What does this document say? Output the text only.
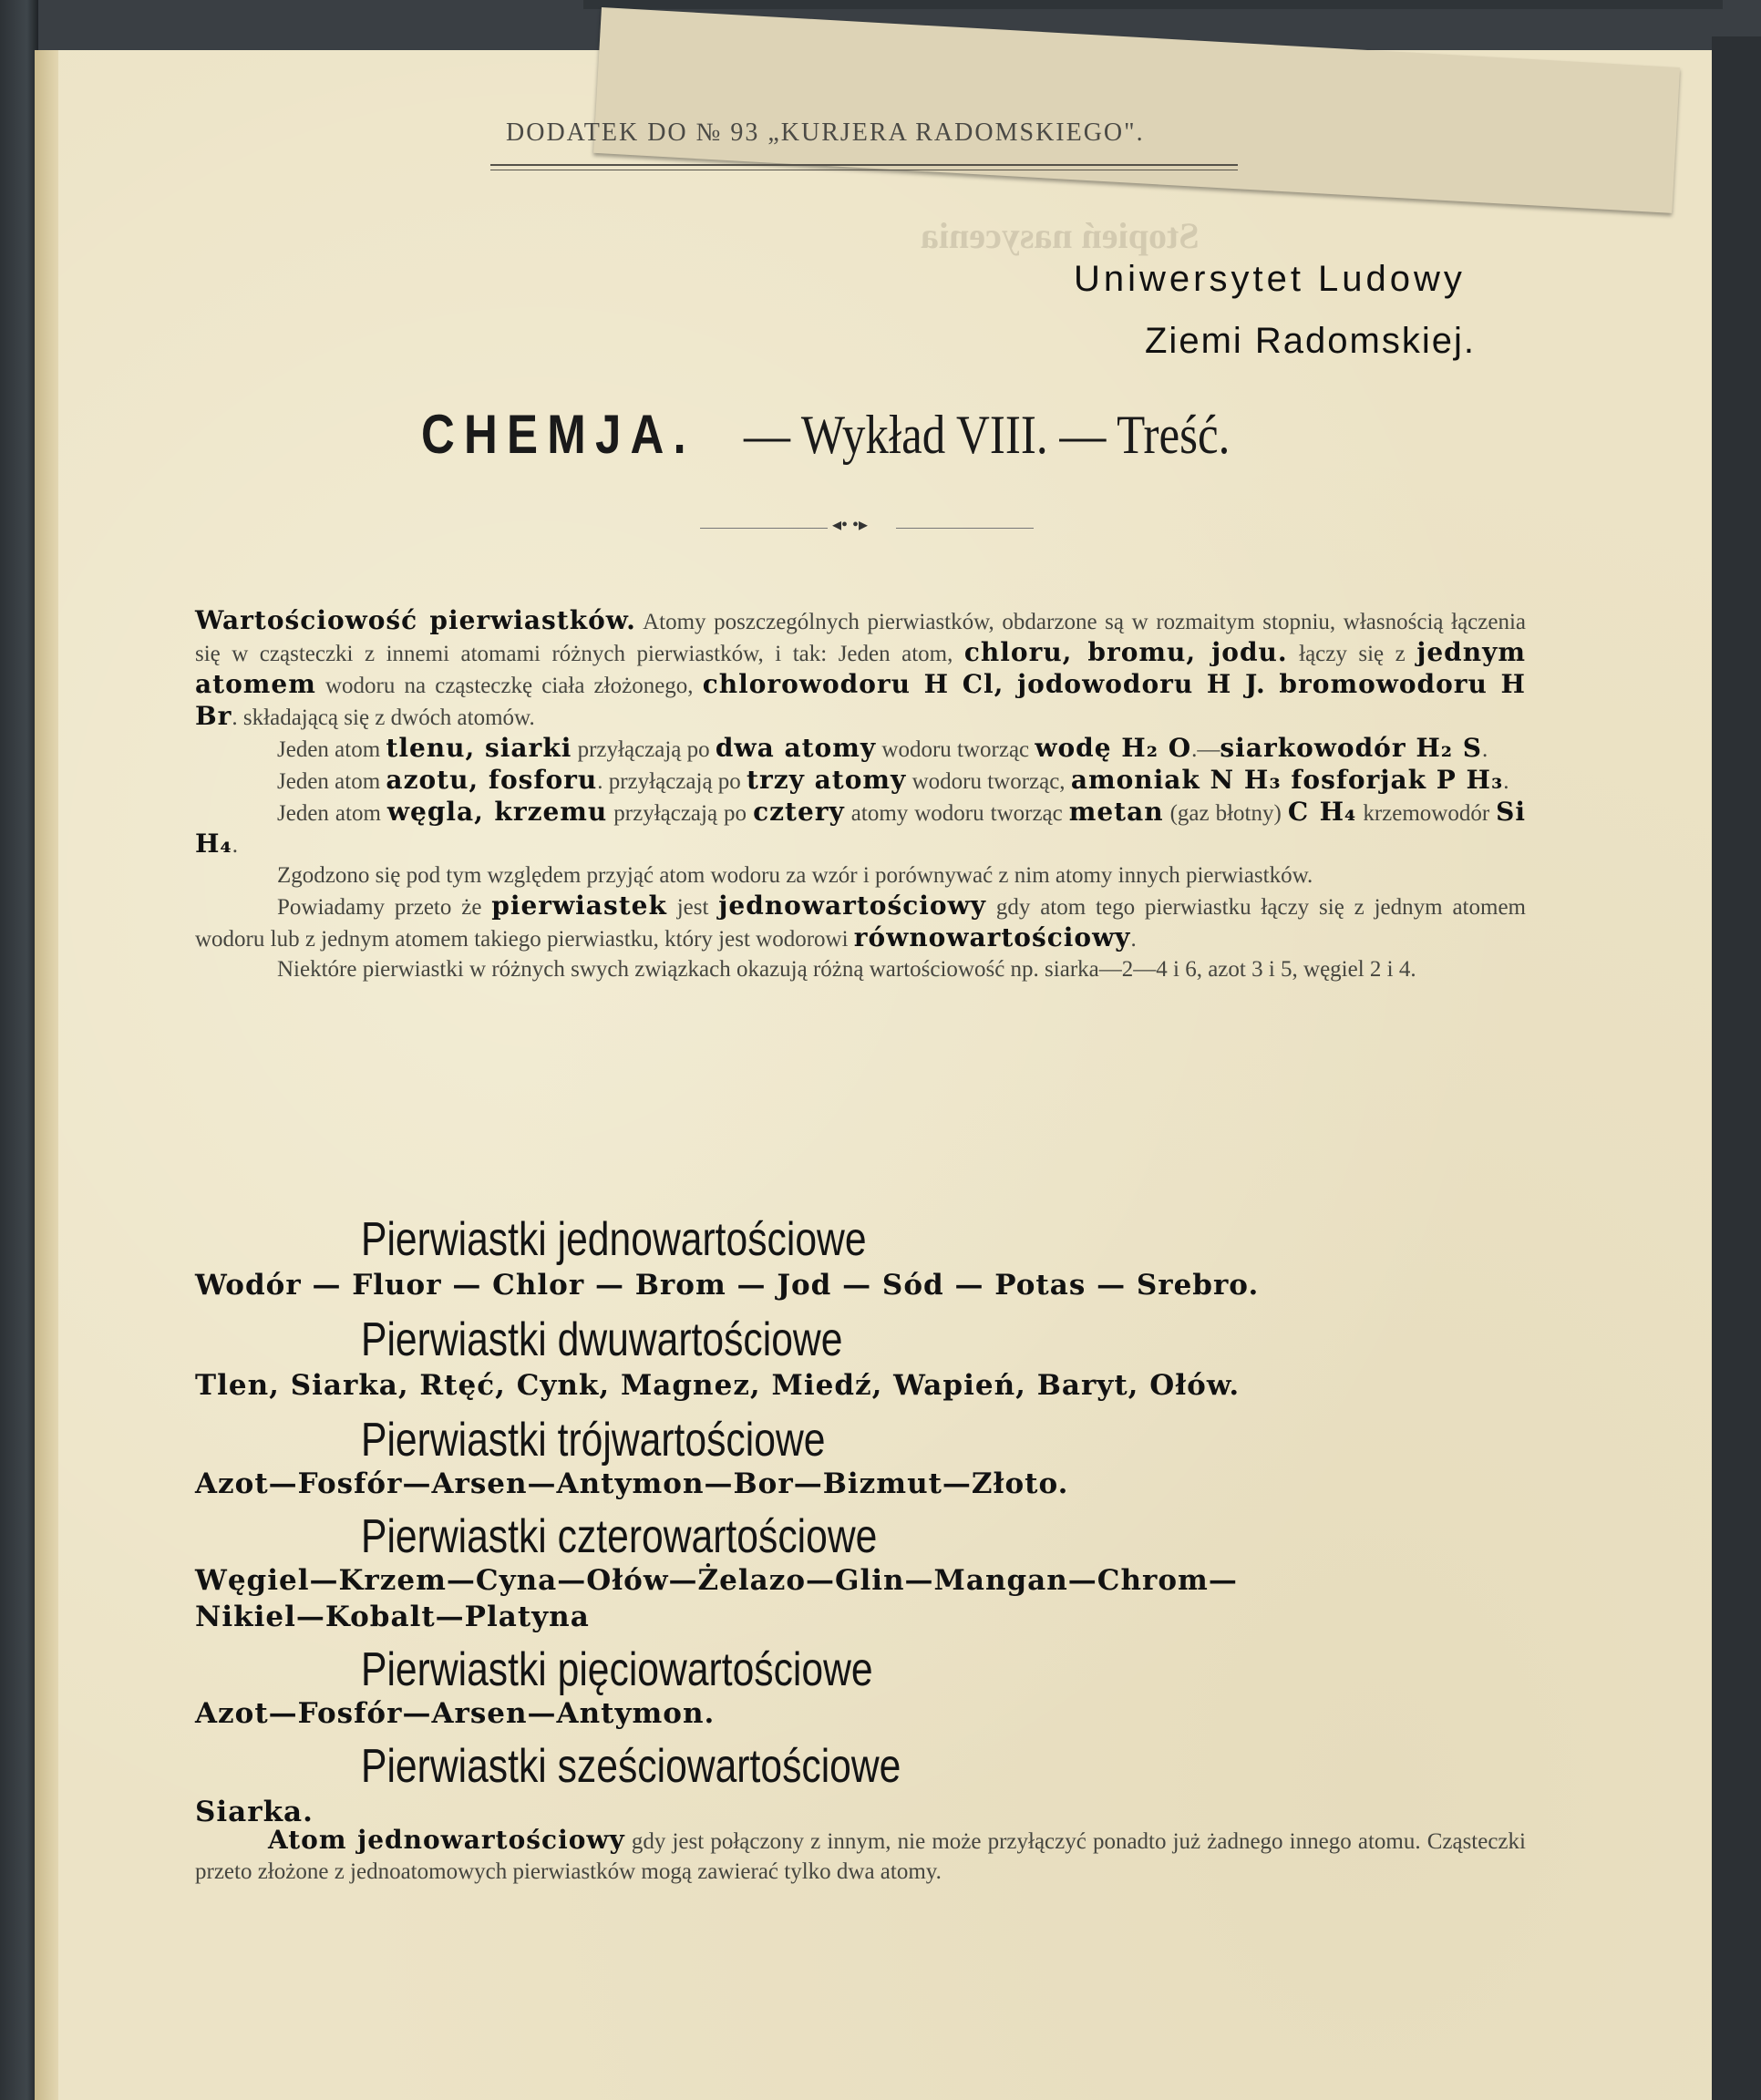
DODATEK DO № 93 „KURJERA RADOMSKIEGO".
Stopień nasycenia
Uniwersytet Ludowy
Ziemi Radomskiej.
CHEMJA. — Wykład VIII. — Treść.
◂• •▸

Wartościowość pierwiastków. Atomy poszczególnych pierwiastków, obdarzone są w rozmaitym stopniu, własnością łączenia się w cząsteczki z innemi atomami różnych pierwiastków, i tak: Jeden atom, chloru, bromu, jodu. łączy się z jednym atomem wodoru na cząsteczkę ciała złożonego, chlorowodoru H Cl, jodowodoru H J. bromowodoru H Br. składającą się z dwóch atomów.

Jeden atom tlenu, siarki przyłączają po dwa atomy wodoru tworząc wodę H₂ O.—siarkowodór H₂ S.

Jeden atom azotu, fosforu. przyłączają po trzy atomy wodoru tworząc, amoniak N H₃ fosforjak P H₃.

Jeden atom węgla, krzemu przyłączają po cztery atomy wodoru tworząc metan (gaz błotny) C H₄ krzemowodór Si H₄.

Zgodzono się pod tym względem przyjąć atom wodoru za wzór i porównywać z nim atomy innych pierwiastków.

Powiadamy przeto że pierwiastek jest jednowartościowy gdy atom tego pierwiastku łączy się z jednym atomem wodoru lub z jednym atomem takiego pierwiastku, który jest wodorowi równowartościowy.

Niektóre pierwiastki w różnych swych związkach okazują różną wartościowość np. siarka—2—4 i 6, azot 3 i 5, węgiel 2 i 4.

Pierwiastki jednowartościowe
Wodór — Fluor — Chlor — Brom — Jod — Sód — Potas — Srebro.
Pierwiastki dwuwartościowe
Tlen, Siarka, Rtęć, Cynk, Magnez, Miedź, Wapień, Baryt, Ołów.
Pierwiastki trójwartościowe
Azot—Fosfór—Arsen—Antymon—Bor—Bizmut—Złoto.
Pierwiastki czterowartościowe
Węgiel—Krzem—Cyna—Ołów—Żelazo—Glin—Mangan—Chrom—
Nikiel—Kobalt—Platyna
Pierwiastki pięciowartościowe
Azot—Fosfór—Arsen—Antymon.
Pierwiastki sześciowartościowe
Siarka.

Atom jednowartościowy gdy jest połączony z innym, nie może przyłączyć ponadto już żadnego innego atomu. Cząsteczki przeto złożone z jednoatomowych pierwiastków mogą zawierać tylko dwa atomy.
